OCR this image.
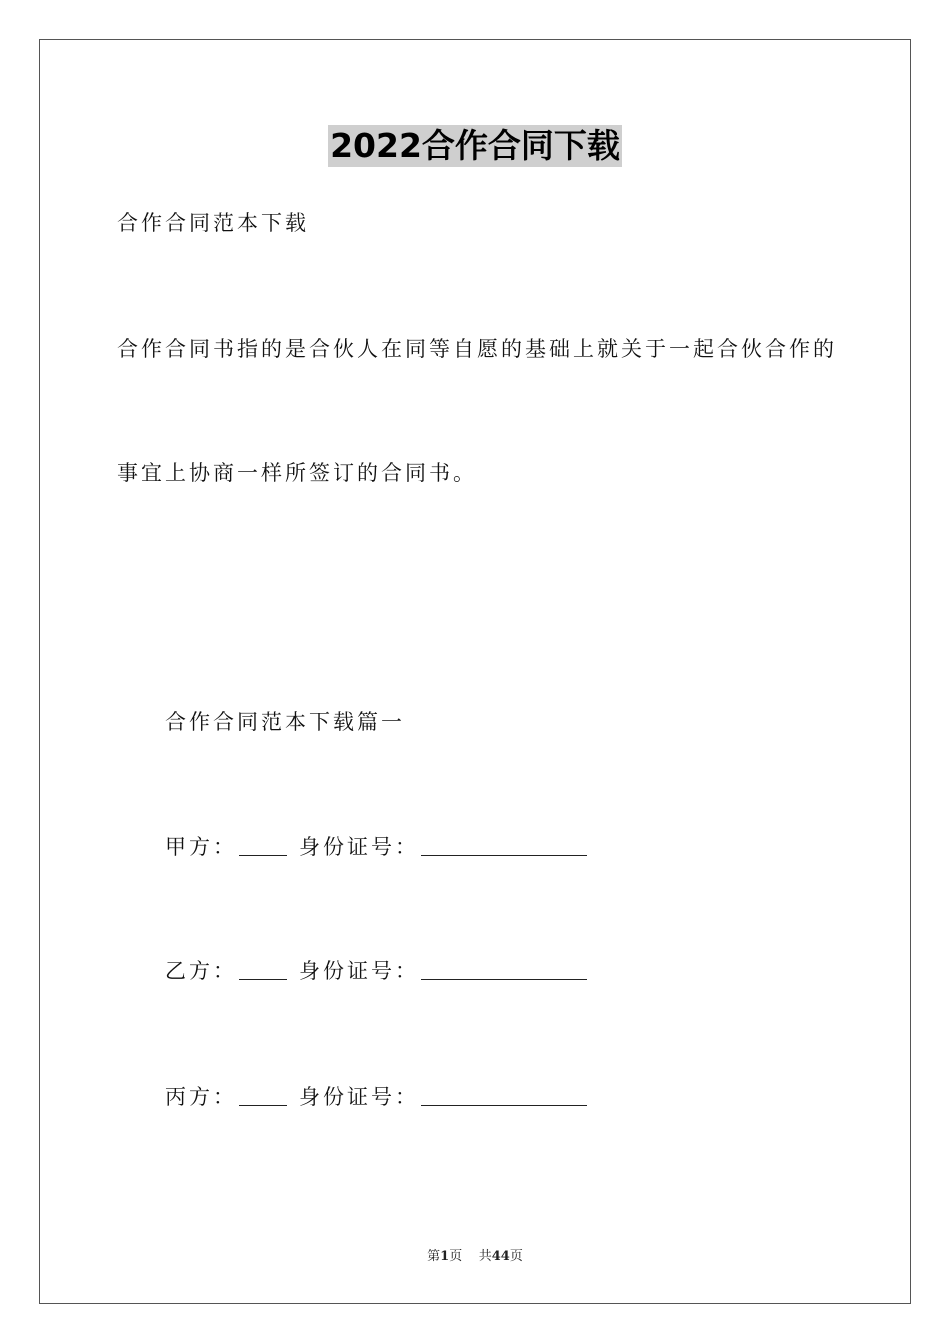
2022合作合同下载
合作合同范本下载
合作合同书指的是合伙人在同等自愿的基础上就关于一起合伙合作的
事宜上协商一样所签订的合同书。
合作合同范本下载篇一
甲方：	身份证号：
乙方：	身份证号：
丙方：	身份证号：
第1页 共44页
